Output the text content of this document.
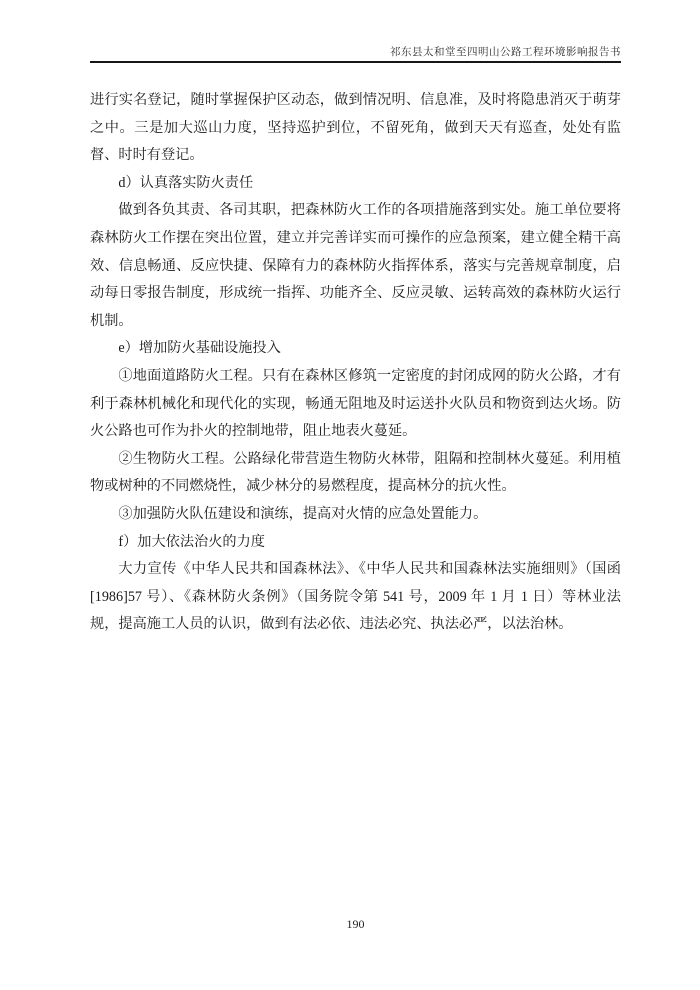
祁东县太和堂至四明山公路工程环境影响报告书

进行实名登记，随时掌握保护区动态，做到情况明、信息准，及时将隐患消灭于萌芽之中。三是加大巡山力度，坚持巡护到位，不留死角，做到天天有巡查，处处有监督、时时有登记。

d）认真落实防火责任

做到各负其责、各司其职，把森林防火工作的各项措施落到实处。施工单位要将森林防火工作摆在突出位置，建立并完善详实而可操作的应急预案，建立健全精干高效、信息畅通、反应快捷、保障有力的森林防火指挥体系，落实与完善规章制度，启动每日零报告制度，形成统一指挥、功能齐全、反应灵敏、运转高效的森林防火运行机制。

e）增加防火基础设施投入

①地面道路防火工程。只有在森林区修筑一定密度的封闭成网的防火公路，才有利于森林机械化和现代化的实现，畅通无阻地及时运送扑火队员和物资到达火场。防火公路也可作为扑火的控制地带，阻止地表火蔓延。

②生物防火工程。公路绿化带营造生物防火林带，阻隔和控制林火蔓延。利用植物或树种的不同燃烧性，减少林分的易燃程度，提高林分的抗火性。

③加强防火队伍建设和演练，提高对火情的应急处置能力。

f）加大依法治火的力度

大力宣传《中华人民共和国森林法》、《中华人民共和国森林法实施细则》（国函[1986]57 号）、《森林防火条例》（国务院令第 541 号，2009 年 1 月 1 日）等林业法规，提高施工人员的认识，做到有法必依、违法必究、执法必严，以法治林。

190
